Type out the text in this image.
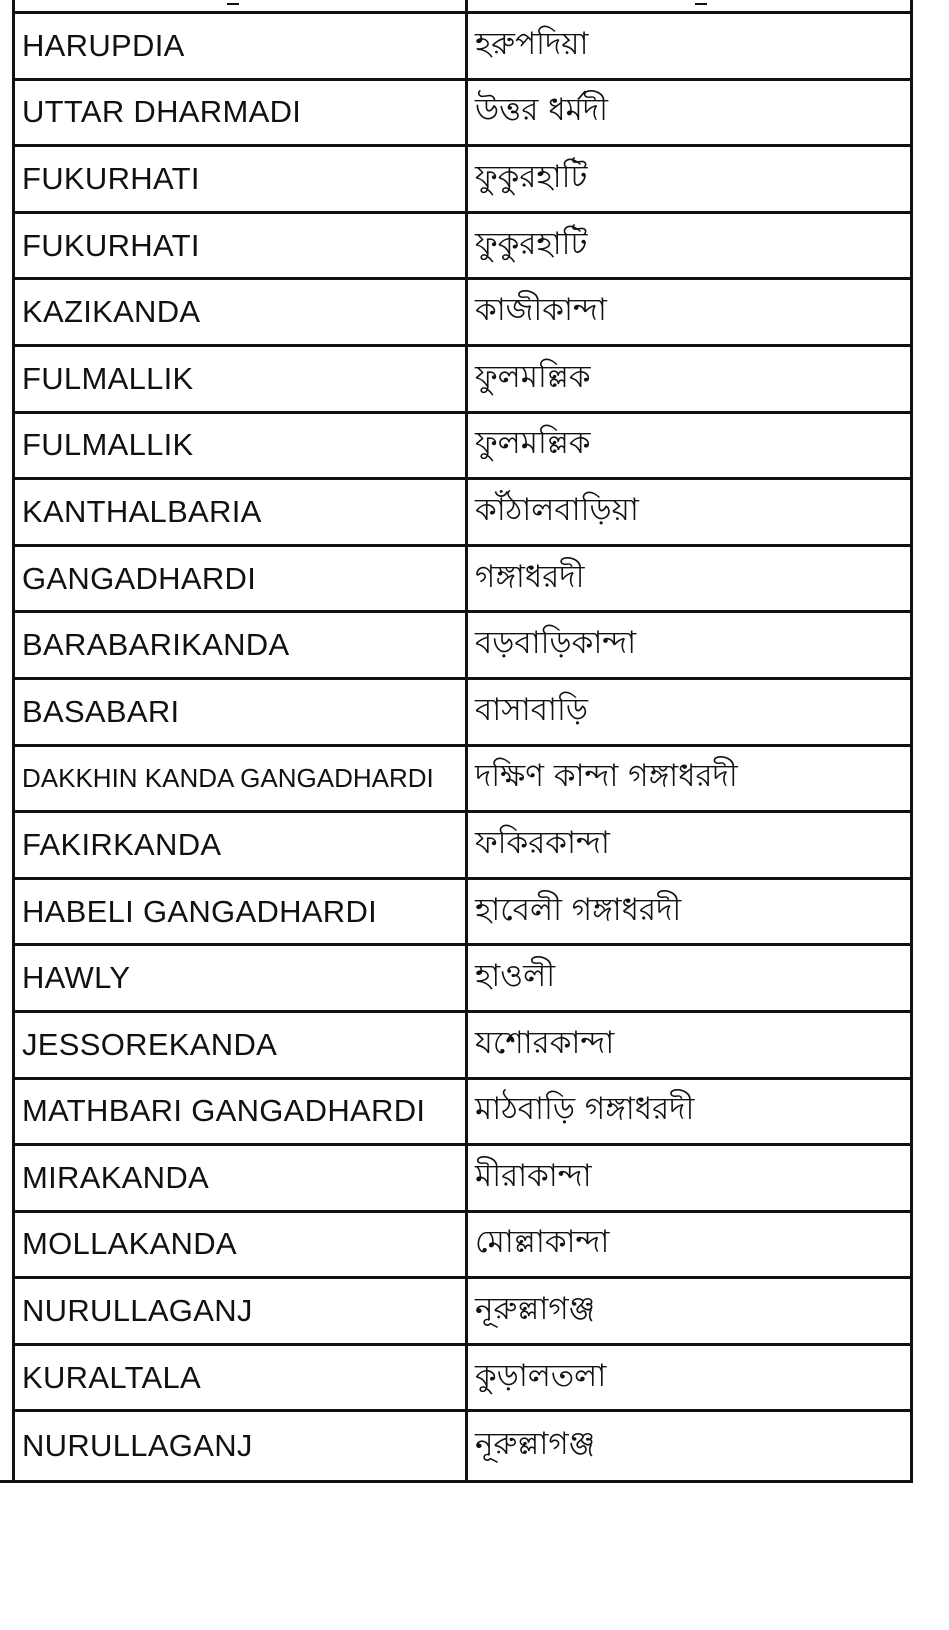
HARUPDIA	হরুপদিয়া
UTTAR DHARMADI	উত্তর ধর্মদী
FUKURHATI	ফুকুরহাটি
FUKURHATI	ফুকুরহাটি
KAZIKANDA	কাজীকান্দা
FULMALLIK	ফুলমল্লিক
FULMALLIK	ফুলমল্লিক
KANTHALBARIA	কাঁঠালবাড়িয়া
GANGADHARDI	গঙ্গাধরদী
BARABARIKANDA	বড়বাড়িকান্দা
BASABARI	বাসাবাড়ি
DAKKHIN KANDA GANGADHARDI	দক্ষিণ কান্দা গঙ্গাধরদী
FAKIRKANDA	ফকিরকান্দা
HABELI GANGADHARDI	হাবেলী গঙ্গাধরদী
HAWLY	হাওলী
JESSOREKANDA	যশোরকান্দা
MATHBARI GANGADHARDI	মাঠবাড়ি গঙ্গাধরদী
MIRAKANDA	মীরাকান্দা
MOLLAKANDA	মোল্লাকান্দা
NURULLAGANJ	নূরুল্লাগঞ্জ
KURALTALA	কুড়ালতলা
NURULLAGANJ	নূরুল্লাগঞ্জ
